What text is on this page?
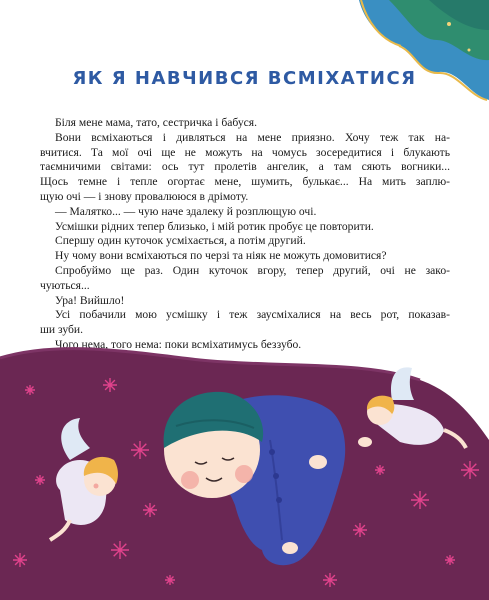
ЯК Я НАВЧИВСЯ ВСМІХАТИСЯ
Біля мене мама, тато, сестричка і бабуся.
Вони всміхаються і дивляться на мене приязно. Хочу теж так на-
вчитися. Та мої очі ще не можуть на чомусь зосередитися і блукають
таємничими світами: ось тут пролетів ангелик, а там сяють вогники...
Щось темне і тепле огортає мене, шумить, булькає... На мить заплю-
щую очі — і знову провалююся в дрімоту.
— Малятко... — чую наче здалеку й розплющую очі.
Усмішки рідних тепер близько, і мій ротик пробує це повторити.
Спершу один куточок усміхається, а потім другий.
Ну чому вони всміхаються по черзі та ніяк не можуть домовитися?
Спробуймо ще раз. Один куточок вгору, тепер другий, очі не зако-
чуються...
Ура! Вийшло!
Усі побачили мою усмішку і теж заусміхалися на весь рот, показав-
ши зуби.
Чого нема, того нема: поки всміхатимусь беззубо.
